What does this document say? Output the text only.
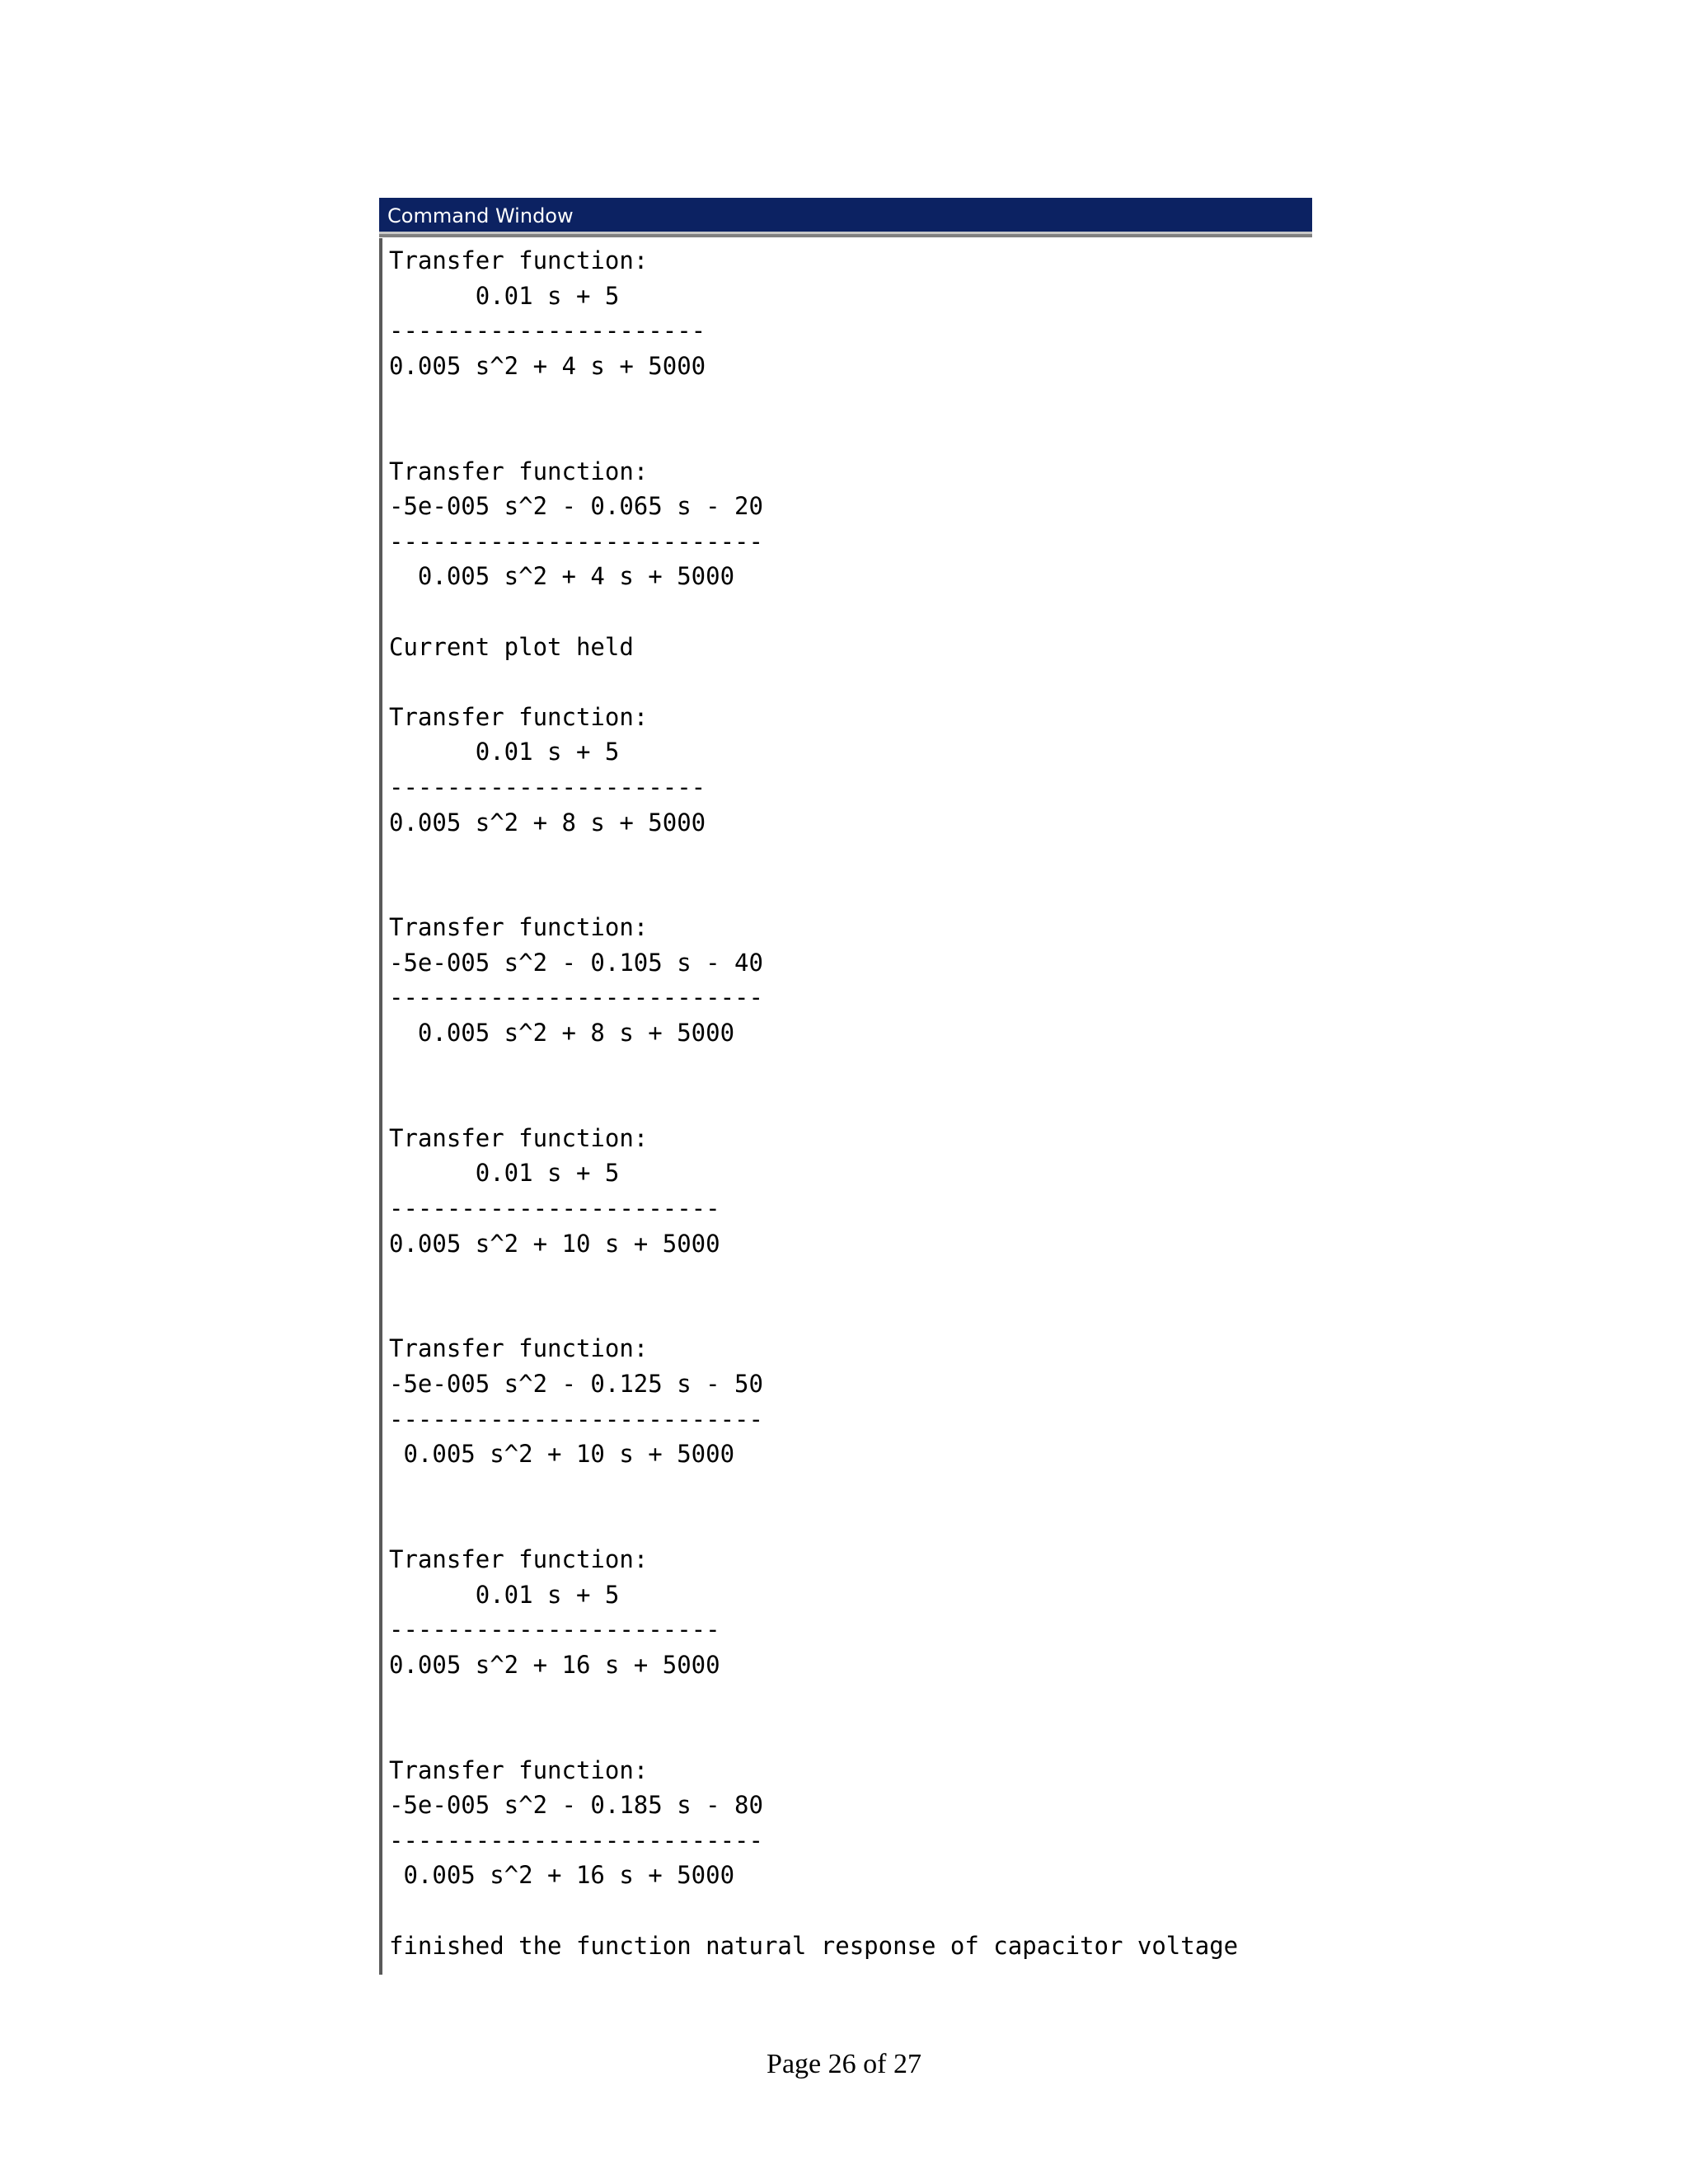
Command Window
Transfer function:
0.01 s + 5
----------------------
0.005 s^2 + 4 s + 5000
Transfer function:
-5e-005 s^2 - 0.065 s - 20
--------------------------
0.005 s^2 + 4 s + 5000
Current plot held
Transfer function:
0.01 s + 5
----------------------
0.005 s^2 + 8 s + 5000
Transfer function:
-5e-005 s^2 - 0.105 s - 40
--------------------------
0.005 s^2 + 8 s + 5000
Transfer function:
0.01 s + 5
-----------------------
0.005 s^2 + 10 s + 5000
Transfer function:
-5e-005 s^2 - 0.125 s - 50
--------------------------
0.005 s^2 + 10 s + 5000
Transfer function:
0.01 s + 5
-----------------------
0.005 s^2 + 16 s + 5000
Transfer function:
-5e-005 s^2 - 0.185 s - 80
--------------------------
0.005 s^2 + 16 s + 5000
finished the function natural response of capacitor voltage
Page 26 of 27
